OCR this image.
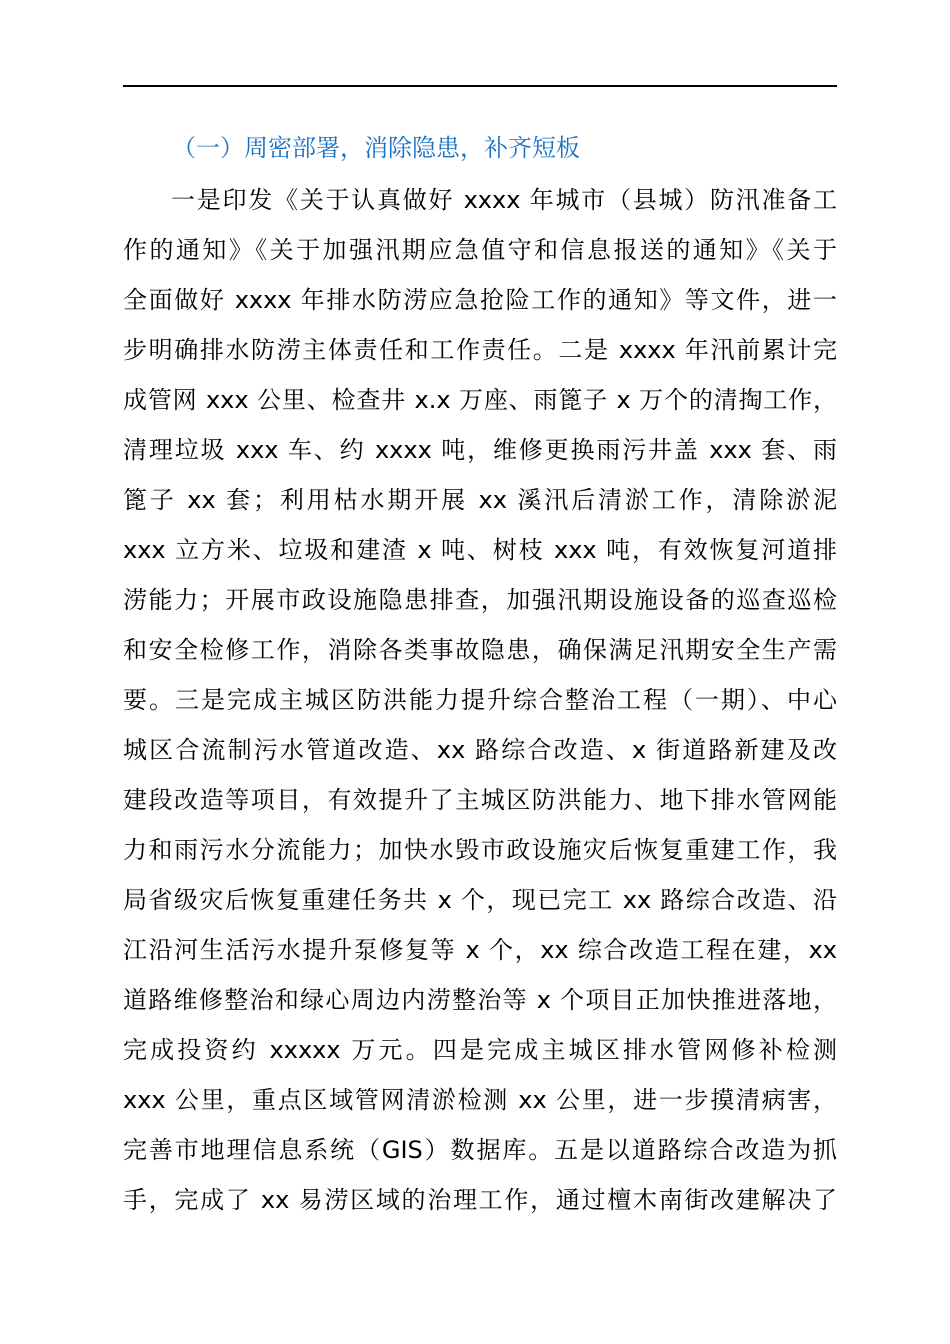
（一）周密部署，消除隐患，补齐短板
一是印发《关于认真做好 xxxx 年城市（县城）防汛准备工
作的通知》《关于加强汛期应急值守和信息报送的通知》《关于
全面做好 xxxx 年排水防涝应急抢险工作的通知》等文件，进一
步明确排水防涝主体责任和工作责任。二是 xxxx 年汛前累计完
成管网 xxx 公里、检查井 x.x 万座、雨篦子 x 万个的清掏工作，
清理垃圾 xxx 车、约 xxxx 吨，维修更换雨污井盖 xxx 套、雨
篦子 xx 套；利用枯水期开展 xx 溪汛后清淤工作，清除淤泥
xxx 立方米、垃圾和建渣 x 吨、树枝 xxx 吨，有效恢复河道排
涝能力；开展市政设施隐患排查，加强汛期设施设备的巡查巡检
和安全检修工作，消除各类事故隐患，确保满足汛期安全生产需
要。三是完成主城区防洪能力提升综合整治工程（一期）、中心
城区合流制污水管道改造、xx 路综合改造、x 街道路新建及改
建段改造等项目，有效提升了主城区防洪能力、地下排水管网能
力和雨污水分流能力；加快水毁市政设施灾后恢复重建工作，我
局省级灾后恢复重建任务共 x 个，现已完工 xx 路综合改造、沿
江沿河生活污水提升泵修复等 x 个，xx 综合改造工程在建，xx
道路维修整治和绿心周边内涝整治等 x 个项目正加快推进落地，
完成投资约 xxxxx 万元。四是完成主城区排水管网修补检测
xxx 公里，重点区域管网清淤检测 xx 公里，进一步摸清病害，
完善市地理信息系统（GIS）数据库。五是以道路综合改造为抓
手，完成了 xx 易涝区域的治理工作，通过檀木南街改建解决了
